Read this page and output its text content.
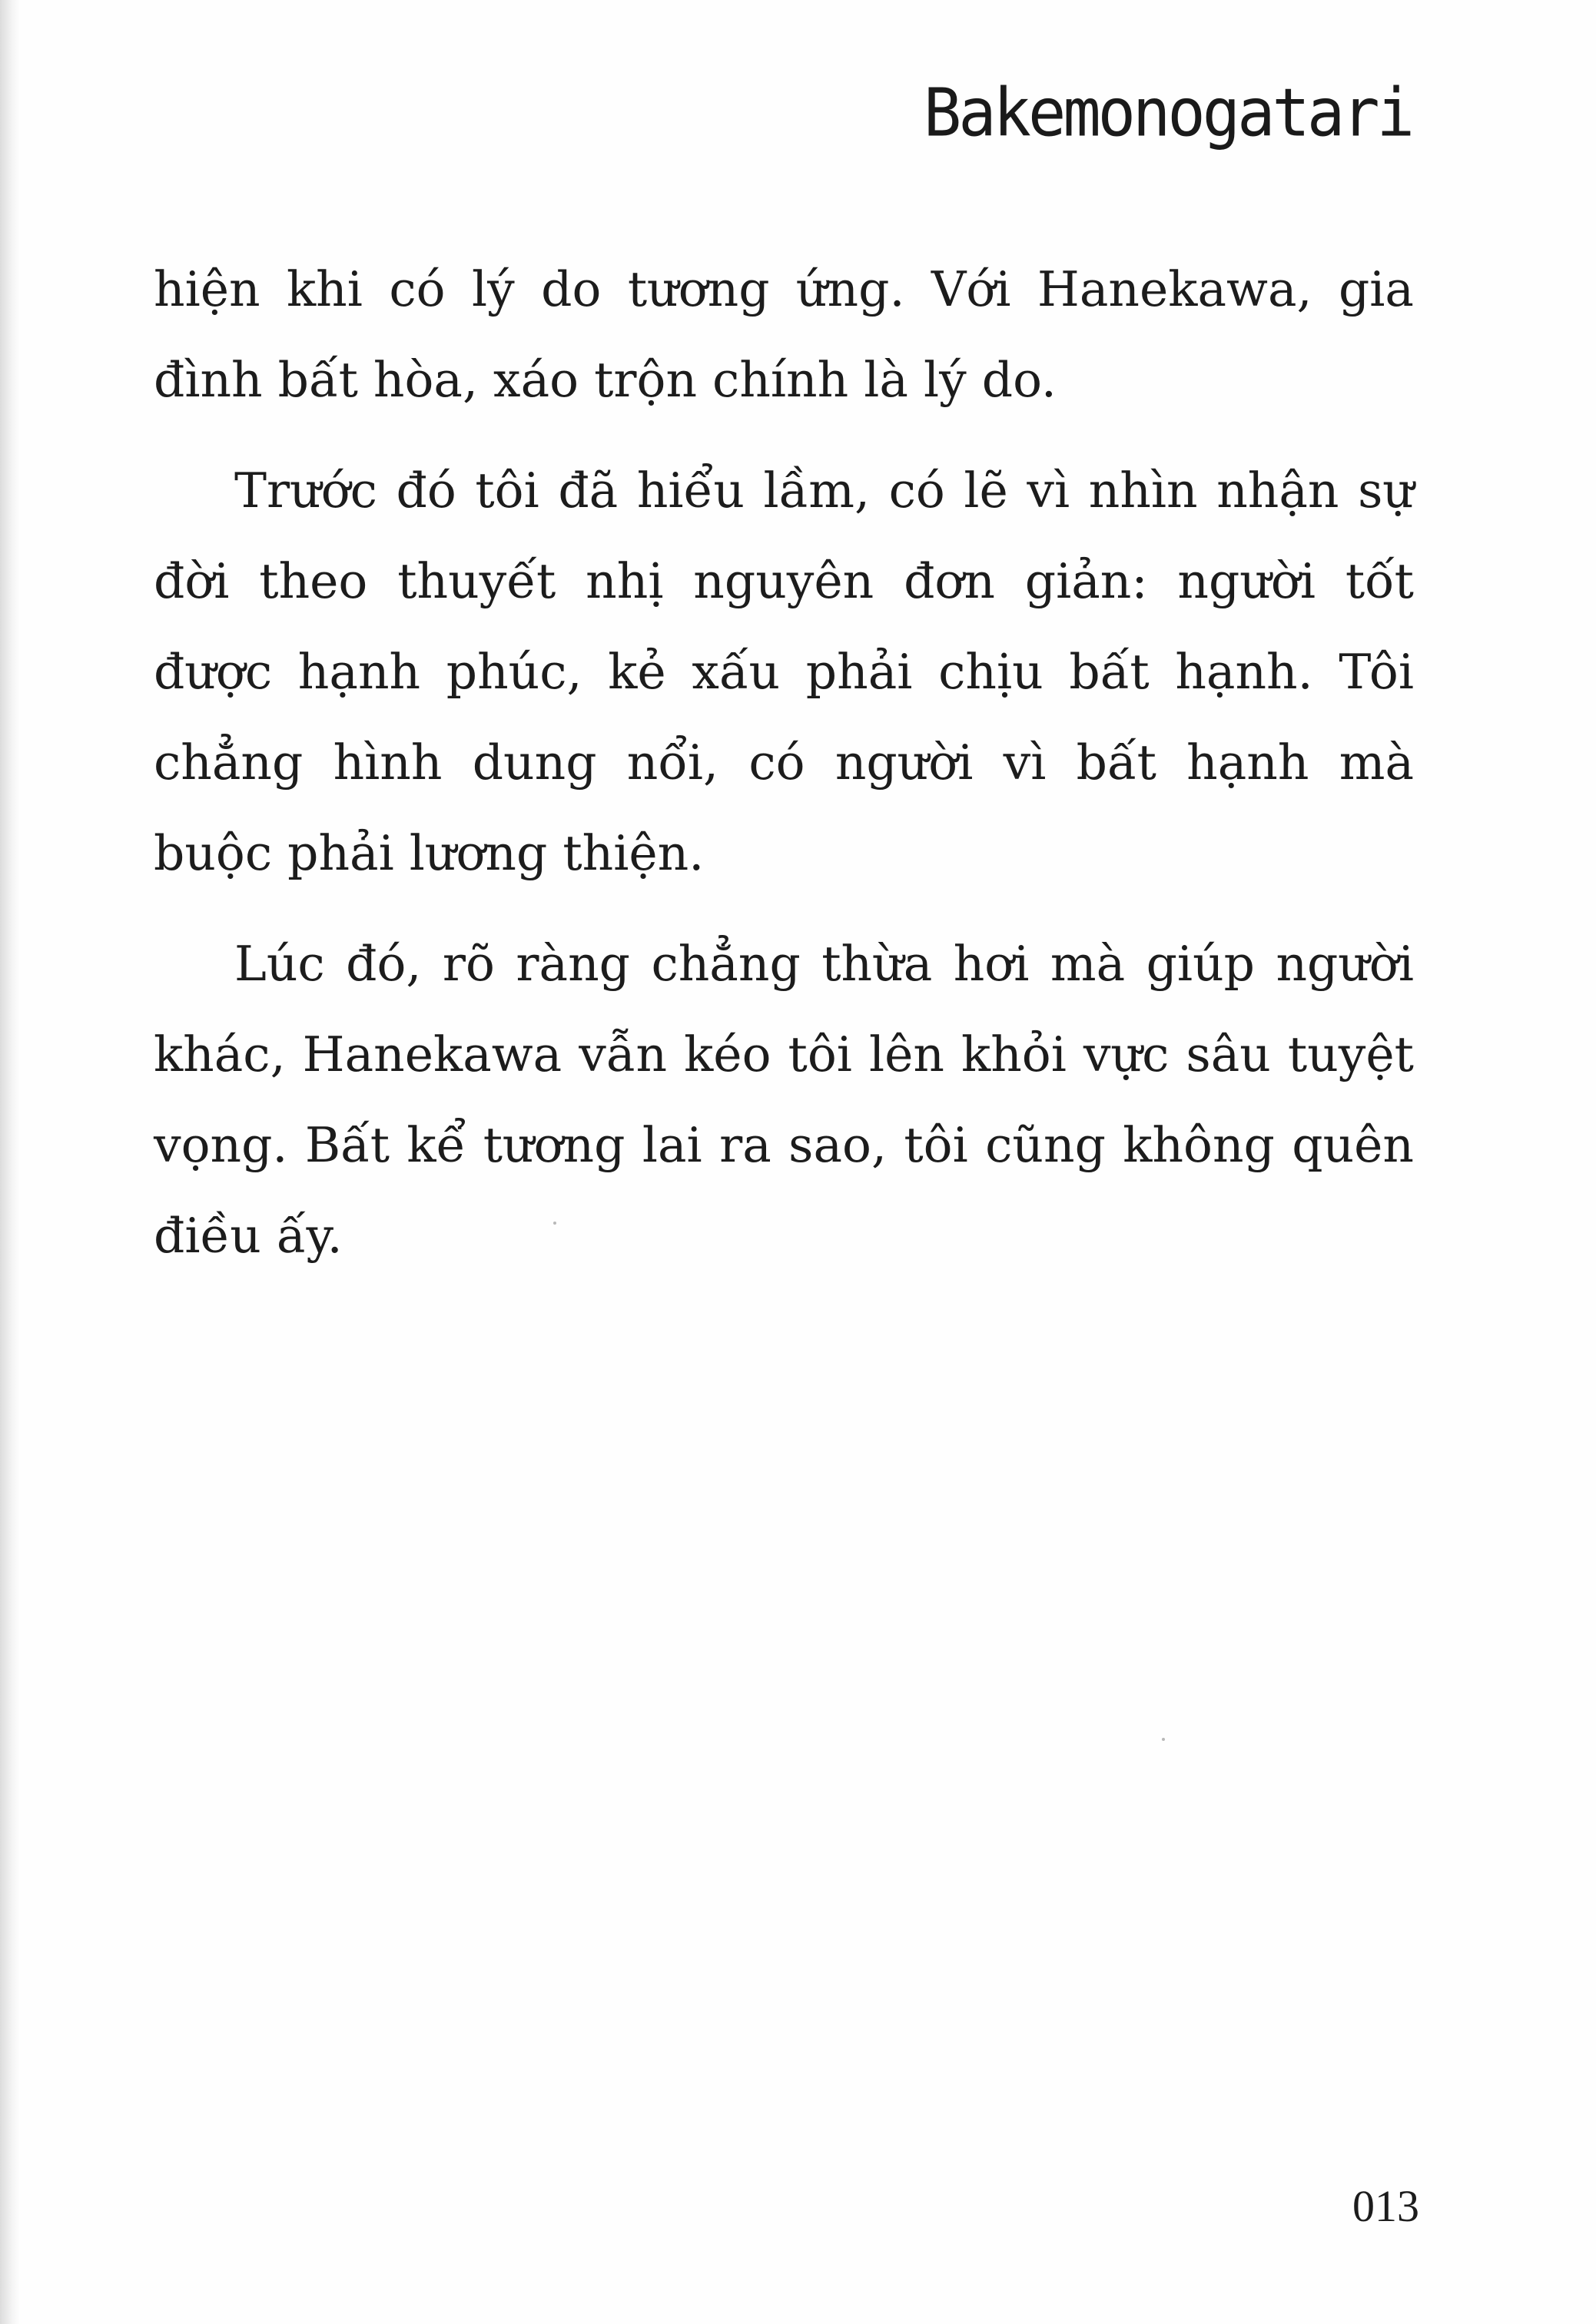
Bakemonogatari

hiện khi có lý do tương ứng. Với Hanekawa, gia đình bất hòa, xáo trộn chính là lý do.

Trước đó tôi đã hiểu lầm, có lẽ vì nhìn nhận sự đời theo thuyết nhị nguyên đơn giản: người tốt được hạnh phúc, kẻ xấu phải chịu bất hạnh. Tôi chẳng hình dung nổi, có người vì bất hạnh mà buộc phải lương thiện.

Lúc đó, rõ ràng chẳng thừa hơi mà giúp người khác, Hanekawa vẫn kéo tôi lên khỏi vực sâu tuyệt vọng. Bất kể tương lai ra sao, tôi cũng không quên điều ấy.

013
